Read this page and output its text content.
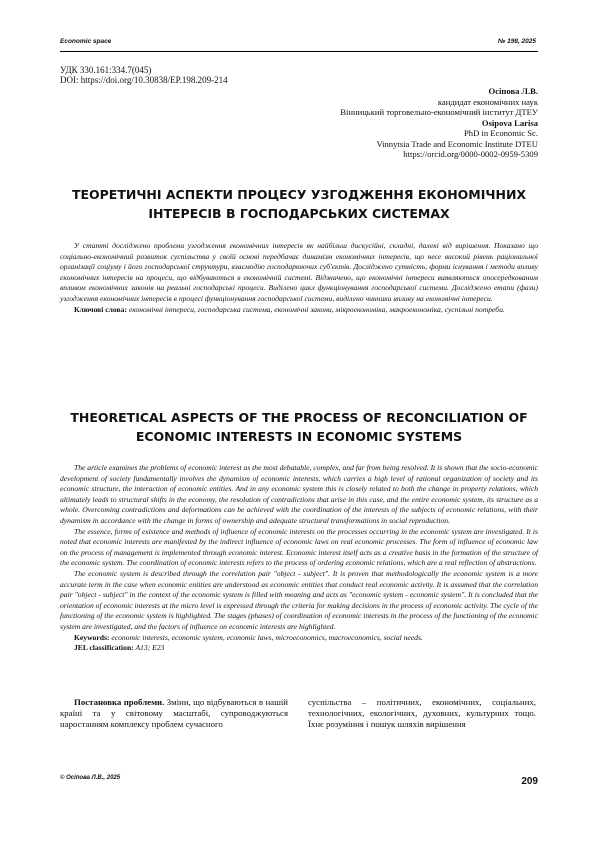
Economic space	№ 198, 2025
УДК 330.161:334.7(045)
DOI: https://doi.org/10.30838/EP.198.209-214
Осіпова Л.В.
кандидат економічних наук
Вінницький торговельно-економічний інститут ДТЕУ
Osipova Larisa
PhD in Economic Sc.
Vinnytsia Trade and Economic Institute DTEU
https://orcid.org/0000-0002-0959-5309
ТЕОРЕТИЧНІ АСПЕКТИ ПРОЦЕСУ УЗГОДЖЕННЯ ЕКОНОМІЧНИХ ІНТЕРЕСІВ В ГОСПОДАРСЬКИХ СИСТЕМАХ

У статті досліджено проблеми узгодження економічних інтересів як найбільш дискусійні, складні, далекі від вирішення. Показано що соціально-економічний розвиток суспільства у своїй основі передбачає динамізм економічних інтересів, що несе високий рівень раціональної організації соціуму і його господарської структури, взаємодію господарюючих суб'єктів. Досліджено сутність, форми існування і методи впливу економічних інтересів на процеси, що відбуваються в економічній системі. Відзначено, що економічні інтереси виявляються опосередкованим впливом економічних законів на реальні господарські процеси. Виділено цикл функціонування господарської системи. Досліджено етапи (фази) узгодження економічних інтересів в процесі функціонування господарської системи, виділено чинники впливу на економічні інтереси.

Ключові слова: економічні інтереси, господарська система, економічні закони, мікроекономіка, макроекономіка, суспільні потреби.

THEORETICAL ASPECTS OF THE PROCESS OF RECONCILIATION OF ECONOMIC INTERESTS IN ECONOMIC SYSTEMS

The article examines the problems of economic interest as the most debatable, complex, and far from being resolved. It is shown that the socio-economic development of society fundamentally involves the dynamism of economic interests, which carries a high level of rational organization of society and its economic structure, the interaction of economic entities. And in any economic system this is closely related to both the change in property relations, which ultimately leads to structural shifts in the economy, the resolution of contradictions that arise in this case, and the entire economic system, its structure as a whole. Overcoming contradictions and deformations can be achieved with the coordination of the interests of the subjects of economic relations, with their dynamism in accordance with the change in forms of ownership and adequate structural transformations in social reproduction.

The essence, forms of existence and methods of influence of economic interests on the processes occurring in the economic system are investigated. It is noted that economic interests are manifested by the indirect influence of economic laws on real economic processes. The form of influence of economic law on the process of management is implemented through economic interest. Economic interest itself acts as a creative basis in the formation of the structure of the economic system. The coordination of economic interests refers to the process of ordering economic relations, which are a real reflection of abstractions.

The economic system is described through the correlation pair "object - subject". It is proven that methodologically the economic system is a more accurate term in the case when economic entities are understood as economic entities that conduct real economic activity. It is assumed that the correlation pair "object - subject" in the context of the economic system is filled with meaning and acts as "economic system - economic system". It is concluded that the orientation of economic interests at the micro level is expressed through the criteria for making decisions in the process of economic activity. The cycle of the functioning of the economic system is highlighted. The stages (phases) of coordination of economic interests in the process of the functioning of the economic system are investigated, and the factors of influence on economic interests are highlighted.

Keywords: economic interests, economic system, economic laws, microeconomics, macroeconomics, social needs.

JEL classification: A13; E23

Постановка проблеми. Зміни, що відбуваються в нашій країні та у світовому масштабі, супроводжуються наростанням комплексу проблем сучасного
суспільства – політичних, економічних, соціальних, технологічних, екологічних, духовних, культурних тощо. Їхнє розуміння і пошук шляхів вирішення
© Осіпова Л.В., 2025	209
